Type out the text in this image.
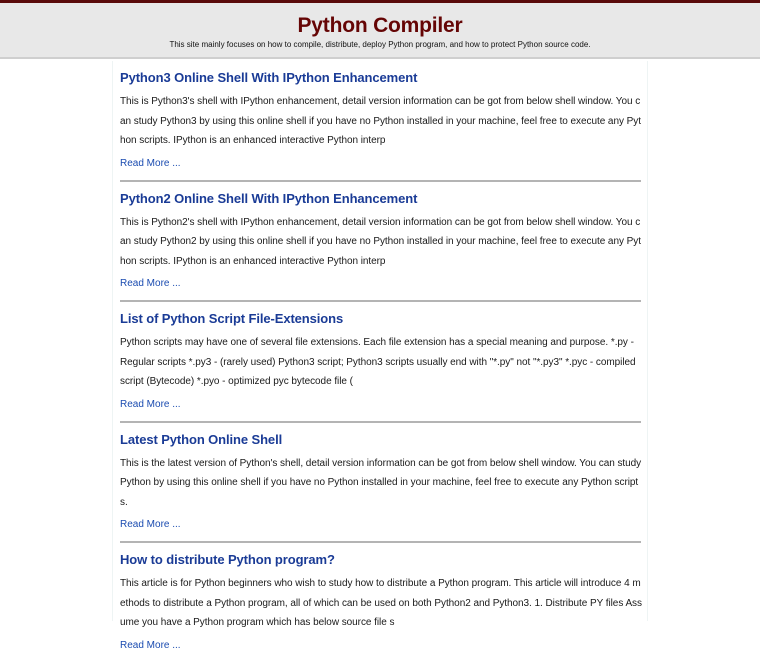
Python Compiler
This site mainly focuses on how to compile, distribute, deploy Python program, and how to protect Python source code.
Python3 Online Shell With IPython Enhancement

This is Python3's shell with IPython enhancement, detail version information can be got from below shell window. You can study Python3 by using this online shell if you have no Python installed in your machine, feel free to execute any Python scripts. IPython is an enhanced interactive Python interp

Read More ...
Python2 Online Shell With IPython Enhancement

This is Python2's shell with IPython enhancement, detail version information can be got from below shell window. You can study Python2 by using this online shell if you have no Python installed in your machine, feel free to execute any Python scripts. IPython is an enhanced interactive Python interp

Read More ...
List of Python Script File-Extensions

Python scripts may have one of several file extensions. Each file extension has a special meaning and purpose. *.py - Regular scripts *.py3 - (rarely used) Python3 script; Python3 scripts usually end with "*.py" not "*.py3" *.pyc - compiled script (Bytecode) *.pyo - optimized pyc bytecode file (

Read More ...
Latest Python Online Shell

This is the latest version of Python's shell, detail version information can be got from below shell window. You can study Python by using this online shell if you have no Python installed in your machine, feel free to execute any Python scripts.

Read More ...
How to distribute Python program?

This article is for Python beginners who wish to study how to distribute a Python program. This article will introduce 4 methods to distribute a Python program, all of which can be used on both Python2 and Python3. 1. Distribute PY files Assume you have a Python program which has below source file s

Read More ...
